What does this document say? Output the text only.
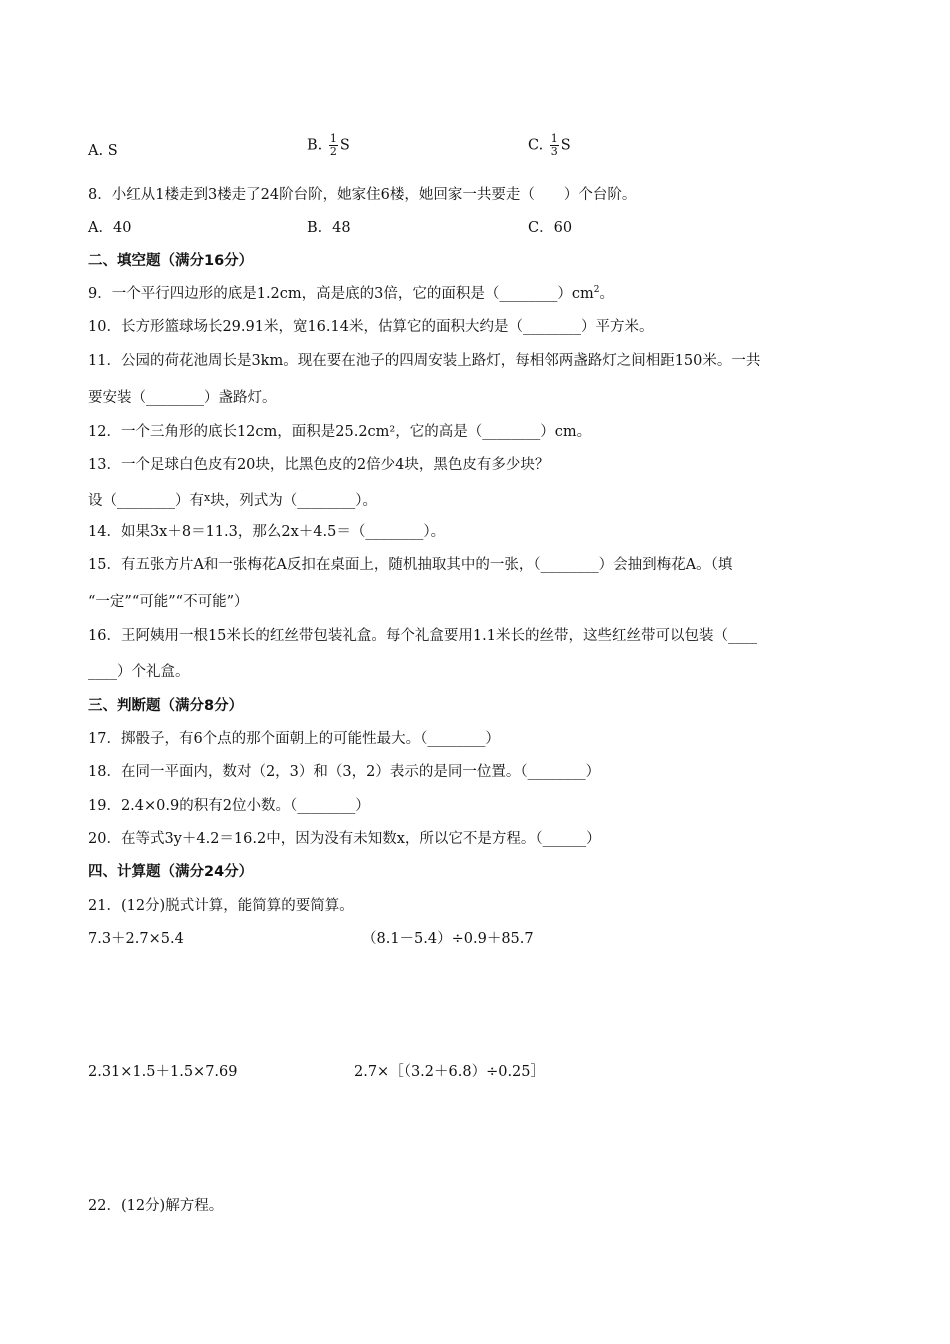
A. S	B. $\frac{1}{2}$ S	C. $\frac{1}{3}$ S
8．小红从1楼走到3楼走了24阶台阶，她家住6楼，她回家一共要走（　　）个台阶。
A．40	B．48	C．60
二、填空题（满分16分）
9．一个平行四边形的底是1.2cm，高是底的3倍，它的面积是$(\_\_\_\_\_\_\_\_)cm^2$。
10．长方形篮球场长29.91米，宽16.14米，估算它的面积大约是（________）平方米。
11．公园的荷花池周长是3km。现在要在池子的四周安装上路灯，每相邻两盏路灯之间相距150米。一共
要安装（________）盏路灯。
12．一个三角形的底长12cm，面积是25.2cm²，它的高是（________）cm。
13．一个足球白色皮有20块，比黑色皮的2倍少4块，黑色皮有多少块？
设（________）有$^x$块，列式为（________）。
14．如果3x＋8＝11.3，那么2x＋4.5＝（________）。
15．有五张方片A和一张梅花A反扣在桌面上，随机抽取其中的一张，（________）会抽到梅花A。（填
“一定”“可能”“不可能”）
16．王阿姨用一根15米长的红丝带包装礼盒。每个礼盒要用1.1米长的丝带，这些红丝带可以包装（____
____）个礼盒。
三、判断题（满分8分）
17．掷骰子，有6个点的那个面朝上的可能性最大。（________）
18．在同一平面内，数对（2，3）和（3，2）表示的是同一位置。（________）
19．2.4×0.9的积有2位小数。（________）
20．在等式3y＋4.2＝16.2中，因为没有未知数x，所以它不是方程。（______）
四、计算题（满分24分）
21．(12分)脱式计算，能简算的要简算。
7.3＋2.7×5.4	（8.1－5.4）÷0.9＋85.7
2.31×1.5＋1.5×7.69	2.7×［（3.2＋6.8）÷0.25］
22．(12分)解方程。
